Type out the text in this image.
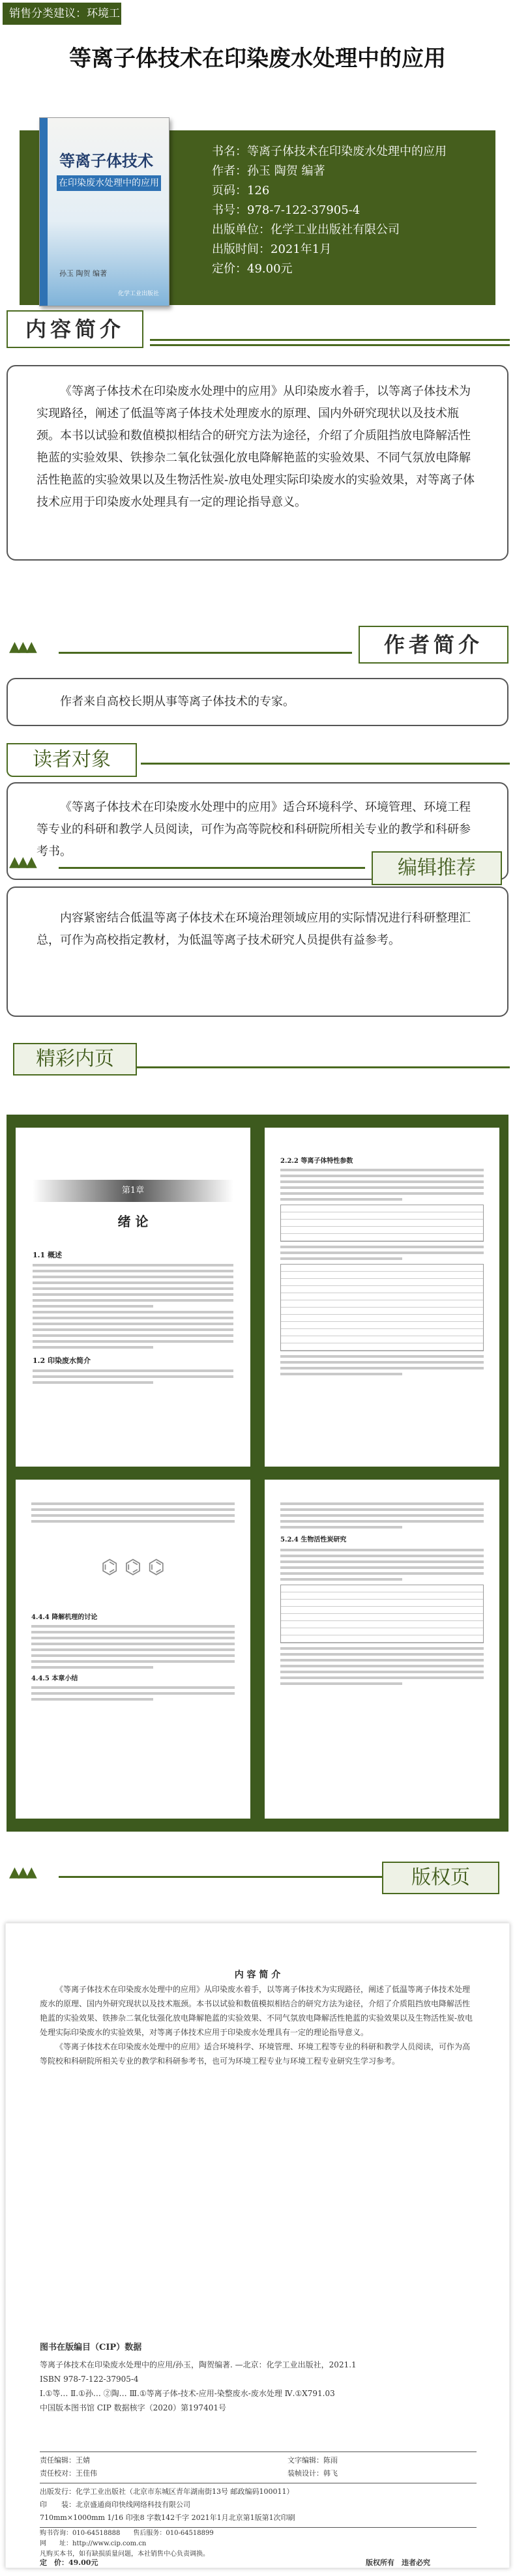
销售分类建议：环境工程
等离子体技术在印染废水处理中的应用
等离子体技术
在印染废水处理中的应用
孙玉 陶贺 编著
化学工业出版社
书名：等离子体技术在印染废水处理中的应用
作者：孙玉 陶贺 编著
页码：126
书号：978-7-122-37905-4
出版单位：化学工业出版社有限公司
出版时间：2021年1月
定价：49.00元
内容简介

《等离子体技术在印染废水处理中的应用》从印染废水着手，以等离子体技术为实现路径，阐述了低温等离子体技术处理废水的原理、国内外研究现状以及技术瓶颈。本书以试验和数值模拟相结合的研究方法为途径，介绍了介质阻挡放电降解活性艳蓝的实验效果、铁掺杂二氧化钛强化放电降解艳蓝的实验效果、不同气氛放电降解活性艳蓝的实验效果以及生物活性炭-放电处理实际印染废水的实验效果，对等离子体技术应用于印染废水处理具有一定的理论指导意义。

▲▲▲	作者简介

作者来自高校长期从事等离子体技术的专家。

读者对象

《等离子体技术在印染废水处理中的应用》适合环境科学、环境管理、环境工程等专业的科研和教学人员阅读，可作为高等院校和科研院所相关专业的教学和科研参考书。

▲▲▲	编辑推荐

内容紧密结合低温等离子体技术在环境治理领域应用的实际情况进行科研整理汇总，可作为高校指定教材，为低温等离子技术研究人员提供有益参考。

精彩内页
第1章
绪 论
1.1 概述
1.2 印染废水简介
2.2.2 等离子体特性参数
⌬ ⌬ ⌬
4.4.4 降解机理的讨论
4.4.5 本章小结
5.2.4 生物活性炭研究
▲▲▲	版权页
内 容 简 介

《等离子体技术在印染废水处理中的应用》从印染废水着手，以等离子体技术为实现路径，阐述了低温等离子体技术处理废水的原理、国内外研究现状以及技术瓶颈。本书以试验和数值模拟相结合的研究方法为途径，介绍了介质阻挡放电降解活性艳蓝的实验效果、铁掺杂二氧化钛强化放电降解艳蓝的实验效果、不同气氛放电降解活性艳蓝的实验效果以及生物活性炭-放电处理实际印染废水的实验效果，对等离子体技术应用于印染废水处理具有一定的理论指导意义。

《等离子体技术在印染废水处理中的应用》适合环境科学、环境管理、环境工程等专业的科研和教学人员阅读，可作为高等院校和科研院所相关专业的教学和科研参考书，也可为环境工程专业与环境工程专业研究生学习参考。

图书在版编目（CIP）数据
等离子体技术在印染废水处理中的应用/孙玉，陶贺编著. —北京：化学工业出版社，2021.1
ISBN 978-7-122-37905-4
Ⅰ.①等… Ⅱ.①孙… ②陶… Ⅲ.①等离子体-技术-应用-染整废水-废水处理 Ⅳ.①X791.03
中国版本图书馆 CIP 数据核字（2020）第197401号
责任编辑：王婧
责任校对：王佳伟
文字编辑：陈雨
装帧设计：韩飞
出版发行：化学工业出版社（北京市东城区青年湖南街13号 邮政编码100011）
印　　装：北京盛通商印快线网络科技有限公司
710mm×1000mm 1/16 印张8 字数142千字 2021年1月北京第1版第1次印刷
购书咨询：010-64518888　　售后服务：010-64518899
网　　址：http://www.cip.com.cn
凡购买本书，如有缺损质量问题，本社销售中心负责调换。
定　价：49.00元	版权所有　违者必究
